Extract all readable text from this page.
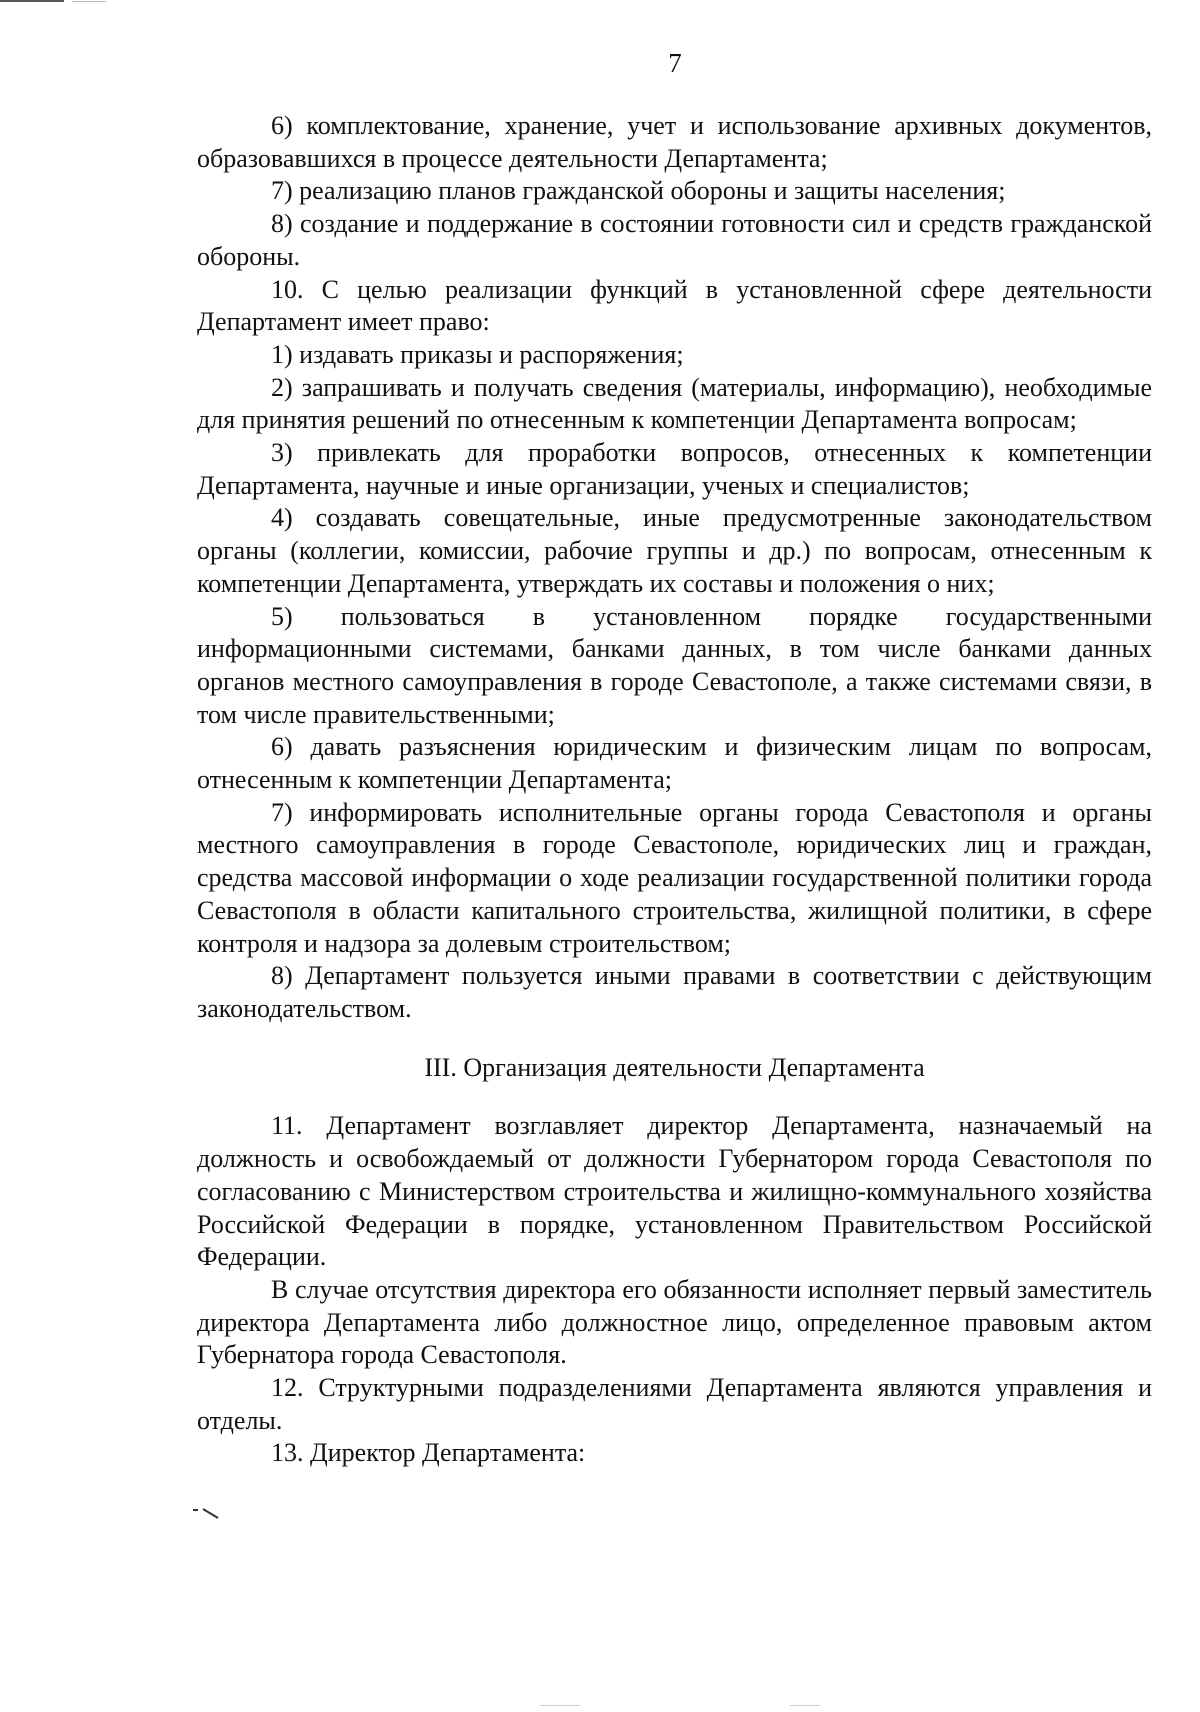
7

6) комплектование, хранение, учет и использование архивных документов, образовавшихся в процессе деятельности Департамента;

7) реализацию планов гражданской обороны и защиты населения;

8) создание и поддержание в состоянии готовности сил и средств гражданской обороны.

10. С целью реализации функций в установленной сфере деятельности Департамент имеет право:

1) издавать приказы и распоряжения;

2) запрашивать и получать сведения (материалы, информацию), необходимые для принятия решений по отнесенным к компетенции Департамента вопросам;

3) привлекать для проработки вопросов, отнесенных к компетенции Департамента, научные и иные организации, ученых и специалистов;

4) создавать совещательные, иные предусмотренные законодательством органы (коллегии, комиссии, рабочие группы и др.) по вопросам, отнесенным к компетенции Департамента, утверждать их составы и положения о них;

5) пользоваться в установленном порядке государственными информационными системами, банками данных, в том числе банками данных органов местного самоуправления в городе Севастополе, а также системами связи, в том числе правительственными;

6) давать разъяснения юридическим и физическим лицам по вопросам, отнесенным к компетенции Департамента;

7) информировать исполнительные органы города Севастополя и органы местного самоуправления в городе Севастополе, юридических лиц и граждан, средства массовой информации о ходе реализации государственной политики города Севастополя в области капитального строительства, жилищной политики, в сфере контроля и надзора за долевым строительством;

8) Департамент пользуется иными правами в соответствии с действующим законодательством.

III. Организация деятельности Департамента

11. Департамент возглавляет директор Департамента, назначаемый на должность и освобождаемый от должности Губернатором города Севастополя по согласованию с Министерством строительства и жилищно-коммунального хозяйства Российской Федерации в порядке, установленном Правительством Российской Федерации.

В случае отсутствия директора его обязанности исполняет первый заместитель директора Департамента либо должностное лицо, определенное правовым актом Губернатора города Севастополя.

12. Структурными подразделениями Департамента являются управления и отделы.

13. Директор Департамента:
